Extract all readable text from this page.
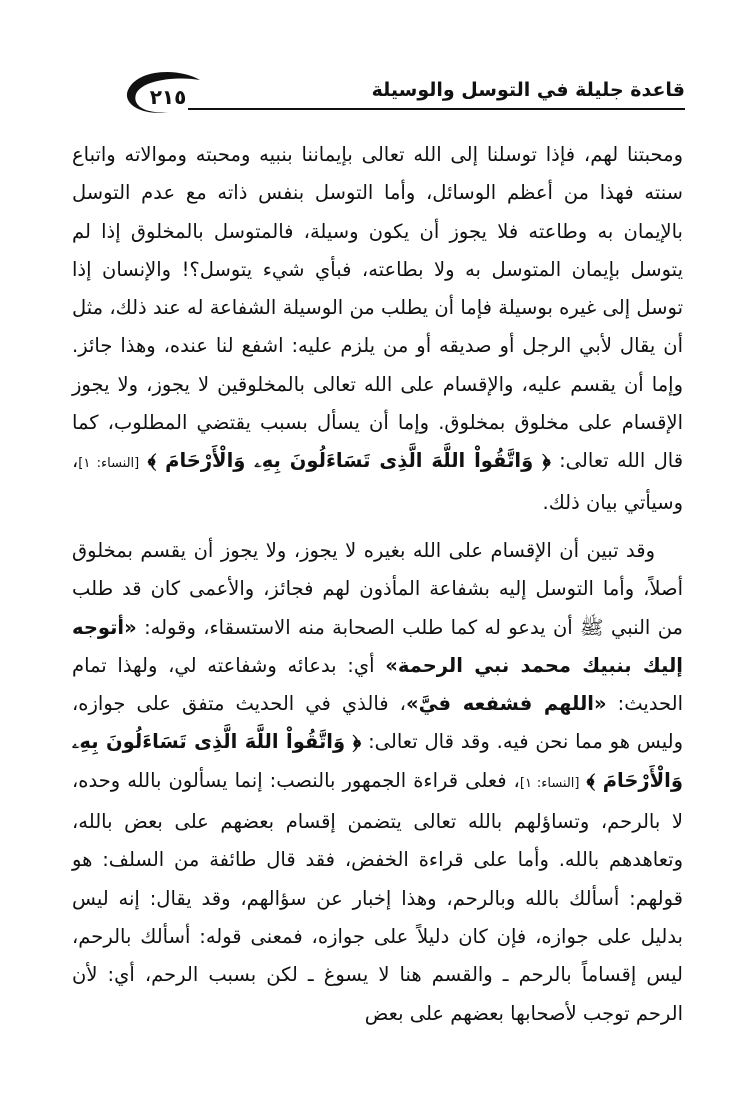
قاعدة جليلة في التوسل والوسيلة
٢١٥

ومحبتنا لهم، فإذا توسلنا إلى الله تعالى بإيماننا بنبيه ومحبته وموالاته واتباع سنته فهذا من أعظم الوسائل، وأما التوسل بنفس ذاته مع عدم التوسل بالإيمان به وطاعته فلا يجوز أن يكون وسيلة، فالمتوسل بالمخلوق إذا لم يتوسل بإيمان المتوسل به ولا بطاعته، فبأي شيء يتوسل؟! والإنسان إذا توسل إلى غيره بوسيلة فإما أن يطلب من الوسيلة الشفاعة له عند ذلك، مثل أن يقال لأبي الرجل أو صديقه أو من يلزم عليه: اشفع لنا عنده، وهذا جائز. وإما أن يقسم عليه، والإقسام على الله تعالى بالمخلوقين لا يجوز، ولا يجوز الإقسام على مخلوق بمخلوق. وإما أن يسأل بسبب يقتضي المطلوب، كما قال الله تعالى: ﴿ وَاتَّقُواْ اللَّهَ الَّذِى تَسَاءَلُونَ بِهِۦ وَالْأَرْحَامَ ﴾ [النساء: ١]، وسيأتي بيان ذلك.

وقد تبين أن الإقسام على الله بغيره لا يجوز، ولا يجوز أن يقسم بمخلوق أصلاً، وأما التوسل إليه بشفاعة المأذون لهم فجائز، والأعمى كان قد طلب من النبي ﷺ أن يدعو له كما طلب الصحابة منه الاستسقاء، وقوله: «أتوجه إليك بنبيك محمد نبي الرحمة» أي: بدعائه وشفاعته لي، ولهذا تمام الحديث: «اللهم فشفعه فيَّ»، فالذي في الحديث متفق على جوازه، وليس هو مما نحن فيه. وقد قال تعالى: ﴿ وَاتَّقُواْ اللَّهَ الَّذِى تَسَاءَلُونَ بِهِۦ وَالْأَرْحَامَ ﴾ [النساء: ١]، فعلى قراءة الجمهور بالنصب: إنما يسألون بالله وحده، لا بالرحم، وتساؤلهم بالله تعالى يتضمن إقسام بعضهم على بعض بالله، وتعاهدهم بالله. وأما على قراءة الخفض، فقد قال طائفة من السلف: هو قولهم: أسألك بالله وبالرحم، وهذا إخبار عن سؤالهم، وقد يقال: إنه ليس بدليل على جوازه، فإن كان دليلاً على جوازه، فمعنى قوله: أسألك بالرحم، ليس إقساماً بالرحم ـ والقسم هنا لا يسوغ ـ لكن بسبب الرحم، أي: لأن الرحم توجب لأصحابها بعضهم على بعض
